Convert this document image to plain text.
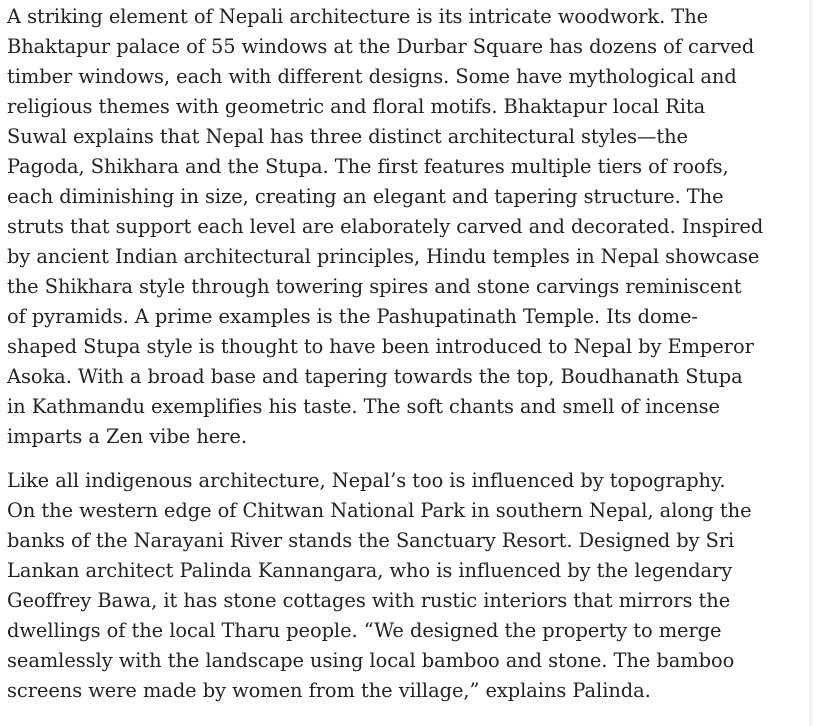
A striking element of Nepali architecture is its intricate woodwork. The
Bhaktapur palace of 55 windows at the Durbar Square has dozens of carved
timber windows, each with different designs. Some have mythological and
religious themes with geometric and floral motifs. Bhaktapur local Rita
Suwal explains that Nepal has three distinct architectural styles—the
Pagoda, Shikhara and the Stupa. The first features multiple tiers of roofs,
each diminishing in size, creating an elegant and tapering structure. The
struts that support each level are elaborately carved and decorated. Inspired
by ancient Indian architectural principles, Hindu temples in Nepal showcase
the Shikhara style through towering spires and stone carvings reminiscent
of pyramids. A prime examples is the Pashupatinath Temple. Its dome-
shaped Stupa style is thought to have been introduced to Nepal by Emperor
Asoka. With a broad base and tapering towards the top, Boudhanath Stupa
in Kathmandu exemplifies his taste. The soft chants and smell of incense
imparts a Zen vibe here.
Like all indigenous architecture, Nepal’s too is influenced by topography.
On the western edge of Chitwan National Park in southern Nepal, along the
banks of the Narayani River stands the Sanctuary Resort. Designed by Sri
Lankan architect Palinda Kannangara, who is influenced by the legendary
Geoffrey Bawa, it has stone cottages with rustic interiors that mirrors the
dwellings of the local Tharu people. “We designed the property to merge
seamlessly with the landscape using local bamboo and stone. The bamboo
screens were made by women from the village,” explains Palinda.
